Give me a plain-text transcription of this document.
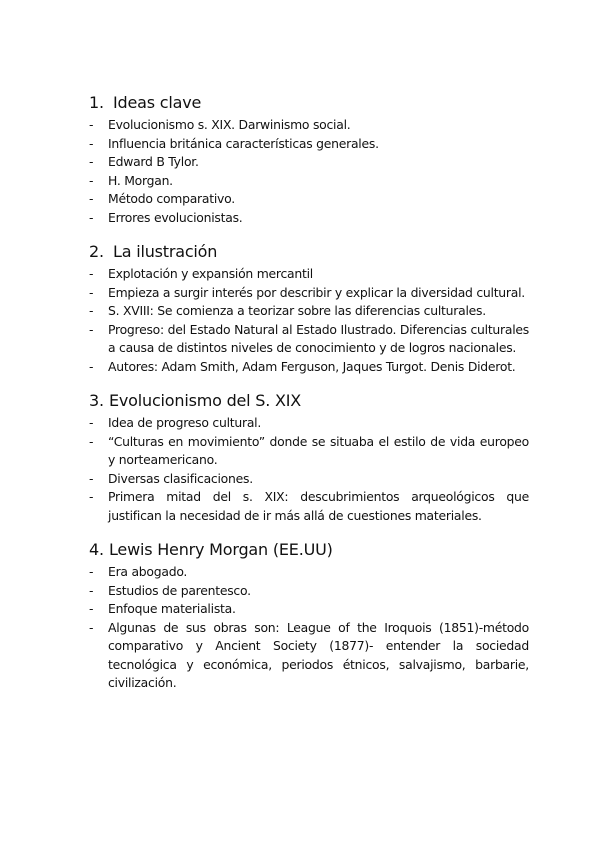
1. Ideas clave
- Evolucionismo s. XIX. Darwinismo social.
- Influencia británica características generales.
- Edward B Tylor.
- H. Morgan.
- Método comparativo.
- Errores evolucionistas.
2. La ilustración
- Explotación y expansión mercantil
- Empieza a surgir interés por describir y explicar la diversidad cultural.
- S. XVIII: Se comienza a teorizar sobre las diferencias culturales.
- Progreso: del Estado Natural al Estado Ilustrado. Diferencias culturales a causa de distintos niveles de conocimiento y de logros nacionales.
- Autores: Adam Smith, Adam Ferguson, Jaques Turgot. Denis Diderot.
3. Evolucionismo del S. XIX
- Idea de progreso cultural.
- “Culturas en movimiento” donde se situaba el estilo de vida europeo y norteamericano.
- Diversas clasificaciones.
- Primera mitad del s. XIX: descubrimientos arqueológicos que justifican la necesidad de ir más allá de cuestiones materiales.
4. Lewis Henry Morgan (EE.UU)
- Era abogado.
- Estudios de parentesco.
- Enfoque materialista.
- Algunas de sus obras son: League of the Iroquois (1851)-método comparativo y Ancient Society (1877)- entender la sociedad tecnológica y económica, periodos étnicos, salvajismo, barbarie, civilización.
